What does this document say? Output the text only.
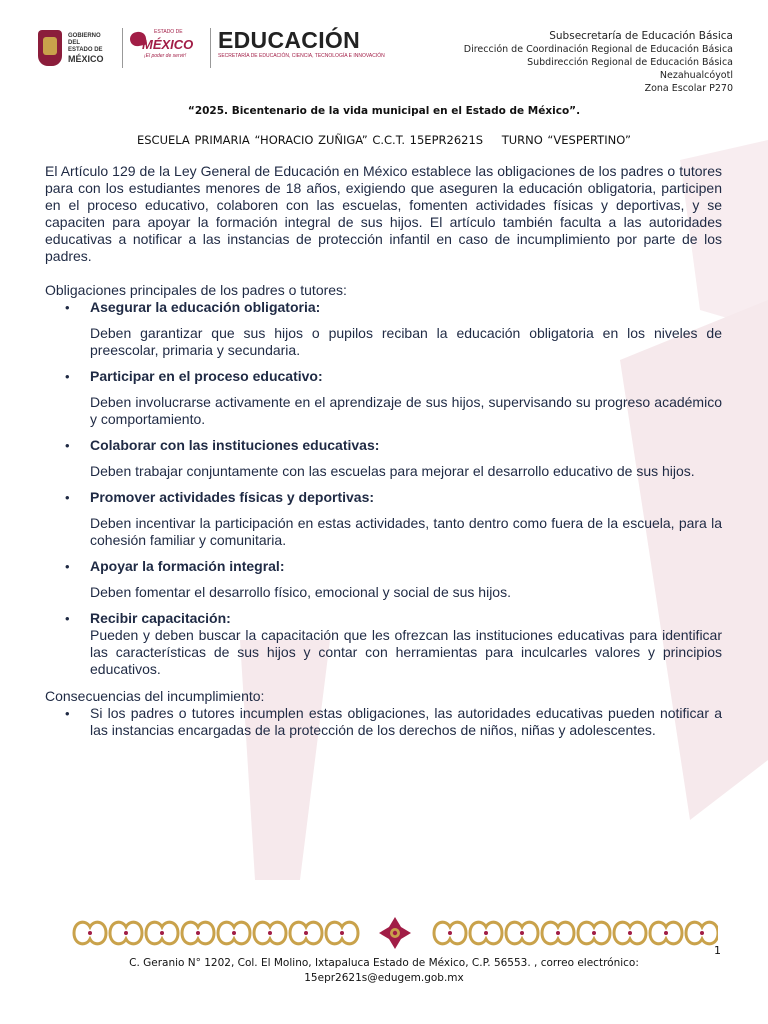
GOBIERNO DEL
ESTADO DE
MÉXICO
ESTADO DE
MÉXICO
¡El poder de servir!
EDUCACIÓN
SECRETARÍA DE EDUCACIÓN, CIENCIA, TECNOLOGÍA E INNOVACIÓN
Subsecretaría de Educación Básica
Dirección de Coordinación Regional de Educación Básica
Subdirección Regional de Educación Básica
Nezahualcóyotl
Zona Escolar P270
“2025. Bicentenario de la vida municipal en el Estado de México”.
ESCUELA PRIMARIA “HORACIO ZUÑIGA” C.C.T. 15EPR2621S    TURNO “VESPERTINO”

El Artículo 129 de la Ley General de Educación en México establece las obligaciones de los padres o tutores para con los estudiantes menores de 18 años, exigiendo que aseguren la educación obligatoria, participen en el proceso educativo, colaboren con las escuelas, fomenten actividades físicas y deportivas, y se capaciten para apoyar la formación integral de sus hijos. El artículo también faculta a las autoridades educativas a notificar a las instancias de protección infantil en caso de incumplimiento por parte de los padres.

Obligaciones principales de los padres o tutores:

• Asegurar la educación obligatoria:

Deben garantizar que sus hijos o pupilos reciban la educación obligatoria en los niveles de preescolar, primaria y secundaria.

• Participar en el proceso educativo:

Deben involucrarse activamente en el aprendizaje de sus hijos, supervisando su progreso académico y comportamiento.

• Colaborar con las instituciones educativas:

Deben trabajar conjuntamente con las escuelas para mejorar el desarrollo educativo de sus hijos.

• Promover actividades físicas y deportivas:

Deben incentivar la participación en estas actividades, tanto dentro como fuera de la escuela, para la cohesión familiar y comunitaria.

• Apoyar la formación integral:

Deben fomentar el desarrollo físico, emocional y social de sus hijos.

• Recibir capacitación:

Pueden y deben buscar la capacitación que les ofrezcan las instituciones educativas para identificar las características de sus hijos y contar con herramientas para inculcarles valores y principios educativos.

Consecuencias del incumplimiento:

• Si los padres o tutores incumplen estas obligaciones, las autoridades educativas pueden notificar a las instancias encargadas de la protección de los derechos de niños, niñas y adolescentes.

1
C. Geranio N° 1202, Col. El Molino, Ixtapaluca Estado de México, C.P. 56553. , correo electrónico:
15epr2621s@edugem.gob.mx
